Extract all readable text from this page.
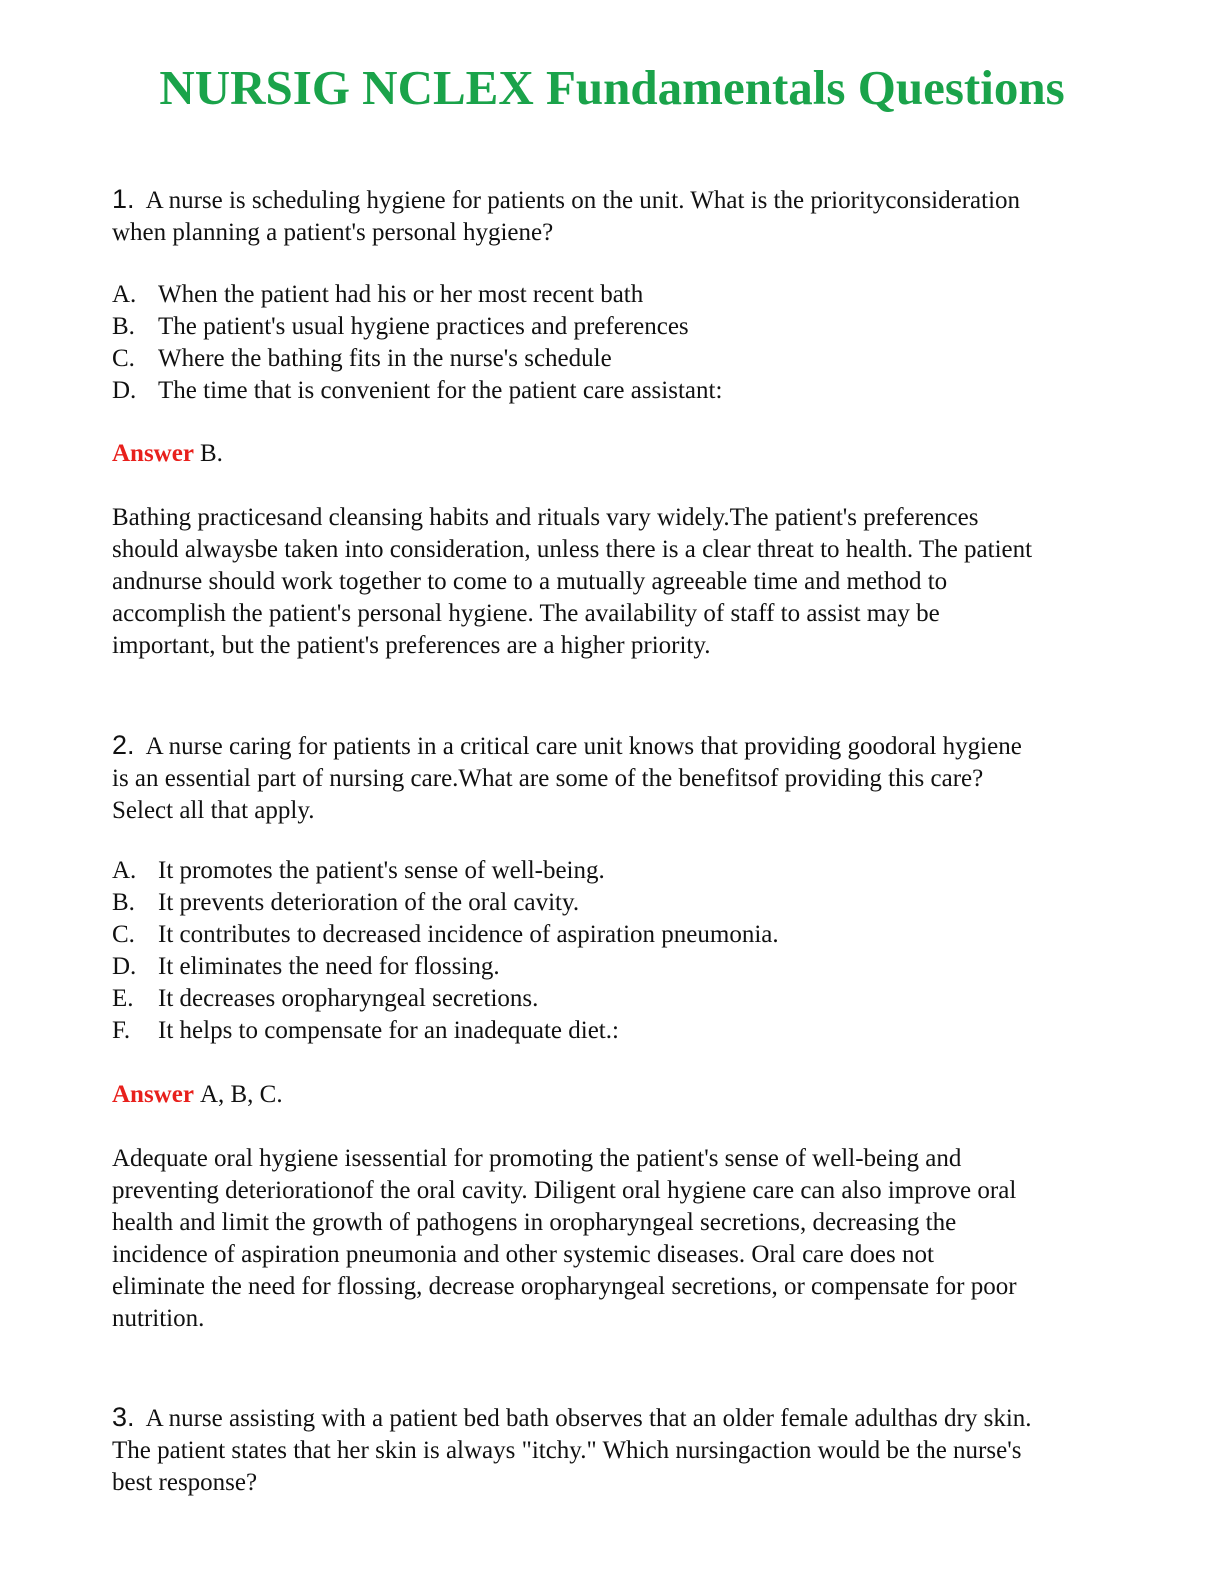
NURSIG NCLEX Fundamentals Questions

1. A nurse is scheduling hygiene for patients on the unit. What is the priorityconsideration

when planning a patient's personal hygiene?

A. When the patient had his or her most recent bath
B. The patient's usual hygiene practices and preferences
C. Where the bathing fits in the nurse's schedule
D. The time that is convenient for the patient care assistant:

Answer B.

Bathing practicesand cleansing habits and rituals vary widely.The patient's preferences

should alwaysbe taken into consideration, unless there is a clear threat to health. The patient

andnurse should work together to come to a mutually agreeable time and method to

accomplish the patient's personal hygiene. The availability of staff to assist may be

important, but the patient's preferences are a higher priority.

2. A nurse caring for patients in a critical care unit knows that providing goodoral hygiene

is an essential part of nursing care.What are some of the benefitsof providing this care?

Select all that apply.

A. It promotes the patient's sense of well-being.
B. It prevents deterioration of the oral cavity.
C. It contributes to decreased incidence of aspiration pneumonia.
D. It eliminates the need for flossing.
E. It decreases oropharyngeal secretions.
F. It helps to compensate for an inadequate diet.:

Answer A, B, C.

Adequate oral hygiene isessential for promoting the patient's sense of well-being and

preventing deteriorationof the oral cavity. Diligent oral hygiene care can also improve oral

health and limit the growth of pathogens in oropharyngeal secretions, decreasing the

incidence of aspiration pneumonia and other systemic diseases. Oral care does not

eliminate the need for flossing, decrease oropharyngeal secretions, or compensate for poor

nutrition.

3. A nurse assisting with a patient bed bath observes that an older female adulthas dry skin.

The patient states that her skin is always "itchy." Which nursingaction would be the nurse's

best response?
